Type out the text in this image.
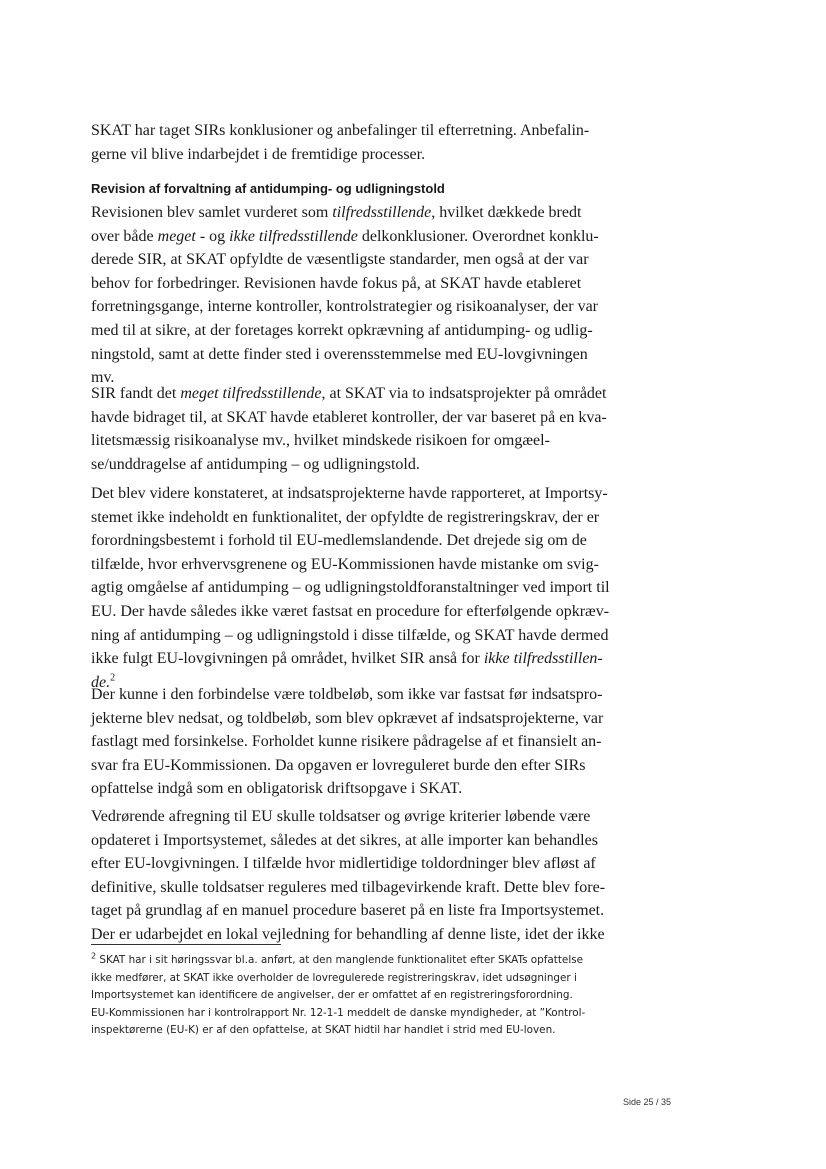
SKAT har taget SIRs konklusioner og anbefalinger til efterretning. Anbefalin-
gerne vil blive indarbejdet i de fremtidige processer.
Revision af forvaltning af antidumping- og udligningstold
Revisionen blev samlet vurderet som tilfredsstillende, hvilket dækkede bredt
over både meget - og ikke tilfredsstillende delkonklusioner. Overordnet konklu-
derede SIR, at SKAT opfyldte de væsentligste standarder, men også at der var
behov for forbedringer. Revisionen havde fokus på, at SKAT havde etableret
forretningsgange, interne kontroller, kontrolstrategier og risikoanalyser, der var
med til at sikre, at der foretages korrekt opkrævning af antidumping- og udlig-
ningstold, samt at dette finder sted i overensstemmelse med EU-lovgivningen
mv.
SIR fandt det meget tilfredsstillende, at SKAT via to indsatsprojekter på området
havde bidraget til, at SKAT havde etableret kontroller, der var baseret på en kva-
litetsmæssig risikoanalyse mv., hvilket mindskede risikoen for omgæel-
se/unddragelse af antidumping – og udligningstold.
Det blev videre konstateret, at indsatsprojekterne havde rapporteret, at Importsy-
stemet ikke indeholdt en funktionalitet, der opfyldte de registreringskrav, der er
forordningsbestemt i forhold til EU-medlemslandende. Det drejede sig om de
tilfælde, hvor erhvervsgrenene og EU-Kommissionen havde mistanke om svig-
agtig omgåelse af antidumping – og udligningstoldforanstaltninger ved import til
EU. Der havde således ikke været fastsat en procedure for efterfølgende opkræv-
ning af antidumping – og udligningstold i disse tilfælde, og SKAT havde dermed
ikke fulgt EU-lovgivningen på området, hvilket SIR anså for ikke tilfredsstillen-
de.$^2$
Der kunne i den forbindelse være toldbeløb, som ikke var fastsat før indsatspro-
jekterne blev nedsat, og toldbeløb, som blev opkrævet af indsatsprojekterne, var
fastlagt med forsinkelse. Forholdet kunne risikere pådragelse af et finansielt an-
svar fra EU-Kommissionen. Da opgaven er lovreguleret burde den efter SIRs
opfattelse indgå som en obligatorisk driftsopgave i SKAT.
Vedrørende afregning til EU skulle toldsatser og øvrige kriterier løbende være
opdateret i Importsystemet, således at det sikres, at alle importer kan behandles
efter EU-lovgivningen. I tilfælde hvor midlertidige toldordninger blev afløst af
definitive, skulle toldsatser reguleres med tilbagevirkende kraft. Dette blev fore-
taget på grundlag af en manuel procedure baseret på en liste fra Importsystemet.
Der er udarbejdet en lokal vejledning for behandling af denne liste, idet der ikke
$^2$ SKAT har i sit høringssvar bl.a. anført, at den manglende funktionalitet efter SKATs opfattelse
ikke medfører, at SKAT ikke overholder de lovregulerede registreringskrav, idet udsøgninger i
Importsystemet kan identificere de angivelser, der er omfattet af en registreringsforordning.
EU-Kommissionen har i kontrolrapport Nr. 12-1-1 meddelt de danske myndigheder, at ”Kontrol-
inspektørerne (EU-K) er af den opfattelse, at SKAT hidtil har handlet i strid med EU-loven.
Side 25 / 35
